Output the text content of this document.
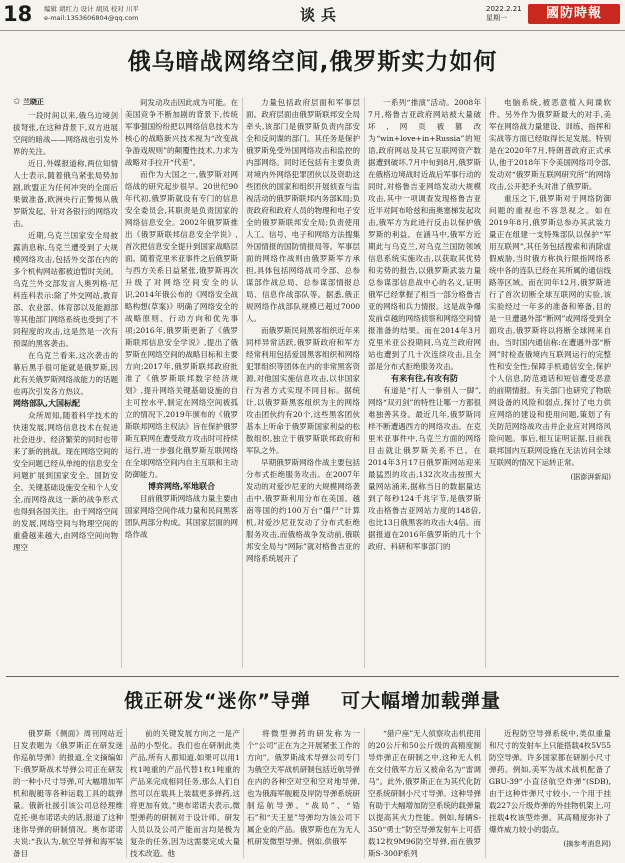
18 编辑 胡红力 设计 胡凤 校对 川平
e-mail:1353606804@qq.com	谈兵	2022.2.21
星期一	國防時報
俄乌暗战网络空间,俄罗斯实力如何
✩ 兰晓正

一段时间以来,俄乌边境剑拔弩张,在这种背景下,双方进展空间的暗战——网络战也引发外界的关注。

近日,外媒报道称,两位知情人士表示,随着俄乌紧张局势加剧,欧盟正为任何冲突的全面后果做准备,欧洲央行正警惕从俄罗斯发起、针对各银行的网络攻击。

近期,乌克兰国家安全局披露消息称,乌克兰遭受到了大规模网络攻击,包括外交部在内的多个机构网站都被迫暂时关闭。乌克兰外交部发言人奥列格·尼科连科表示:除了外交网站,教育部、农业部、体育部以及能源部等其他部门网络系统也受到了不同程度的攻击,这是然是一次有预谋的黑客袭击。

在乌克兰看来,这次袭击的幕后黑手很可能就是俄罗斯,因此有关俄罗斯网络战能力的话题也再次引发各方热议。

网络部队,大国标配

众所周知,随着科学技术的快速发展,网络信息技术在促进社会进步、经济繁荣的同时也带来了新的挑战。现在网络空间的安全问题已经从单纯的信息安全问题扩展到国家安全。国防安全、关键基础设施安全和个人安全,而网络战这一新的战争形式也得到各国关注。由于网络空间的发展,网络空间与物理空间的重叠越来越大,由网络空间向物理空

间发动攻击因此成为可能。在美国竞争不断加剧的背景下,传统军事强国纷纷把以网络信息技术为核心的战略新兴技术视为“改变战争游戏规则”的颠覆性技术,力求为战略对手拉开“代差”。

而作为大国之一,俄罗斯对网络战的研究起步很早。20世纪90年代初,俄罗斯就设有专门的信息安全委员会,其职责是负责国家的网络信息安全。2002年俄罗斯推出《俄罗斯联邦信息安全学说》,首次把信息安全提升到国家战略层面。随着克里米亚事件之后俄罗斯与西方关系日益紧张,俄罗斯再次升级了对网络空间安全的认识,2014年俄公布的《网络安全战略构想(草案)》明确了网络安全的战略原则、行动方向和优先事项;2016年,俄罗斯更新了《俄罗斯联邦信息安全学说》,提出了俄罗斯在网络空间的战略目标和主要方向;2017年,俄罗斯联邦政府批准了《俄罗斯联邦数字经济规划》,提升网络关键基础设施的自主可控水平,制定在网络空间被孤立的情况下,2019年颁布的《俄罗斯联邦网络主权法》旨在保护俄罗斯互联网在遭受敌方攻击时可持续运行,进一步强化俄罗斯互联网络在全球网络空间内自主互联和主动防御能力。

博弈网络,军地联合

目前俄罗斯网络战力量主要由国家网络空间作战力量和民间黑客团队两部分构成。其国家层面的网络作战

力量包括政府层面和军事层面。政府层面由俄罗斯联邦安全局牵头,该部门是俄罗斯负责内部安全和反间谍的部门。其任务是保护俄罗斯免受外国网络攻击和监控的内部网络。同时还包括有主要负责对境内外网络犯罪团伙以及资助这些团伙的国家和组织开展侦查与监视活动的俄罗斯联邦内务部K局;负责政府和政府人员的物理和电子安全的俄罗斯联邦安全局;负责使用人工、信号、电子和网络方法搜集外国情报的国防情报局等。军事层面的网络作战则由俄罗斯军方承担,具体包括网络战司令部、总参谋部作战总局、总参谋部情报总局、信息作战部队等。据悉,俄正规网络作战部队规模已超过7000人。

而俄罗斯民间黑客组织近年来同样异常活跃,俄罗斯政府和军方经常利用包括爱国黑客组织和网络犯罪组织等团体在内的非常黑客资源,对他国实施信息攻击,以非国家行为者方式实现不同目标。据统计,以俄罗斯黑客组织为主的网络攻击团伙约有20个,这些黑客团伙基本上听命于俄罗斯国家利益的松散组织,独立于俄罗斯联邦政府和军队之外。

早期俄罗斯网络作战主要包括分布式拒绝服务攻击。在2007年发动的对爱沙尼亚的大规模网络袭击中,俄罗斯利用分布在美国、越南等国的约100万台“僵尸”计算机,对爱沙尼亚发动了分布式拒绝服务攻击,而俄格战争发动前,俄联邦安全局与“网际”就对格鲁吉亚的网络系统展开了

一系列“推演”活动。2008年7月,格鲁吉亚政府网站被大量破坏,网页被篡改为“win+love+in+Russia”的短语,政府网站及其它互联网资产数据遭到破坏,7月中旬到8月,俄罗斯在俄格边境战时近战后军事行动的同时,对格鲁吉亚网络发动大规模攻击,其中一项调查发现格鲁吉亚近半对阿布哈兹和南奥塞梯发起攻击,俄军方为此进行反击以保护俄罗斯的利益。在涵马中,俄军方近期此与乌克兰,对乌克兰国防领域信息系统实施攻击,以获取其优势和劣势的报告,以俄罗斯武装力量总参谋部信息战中心的名义,证明俄军已经掌握了相当一部分格鲁吉亚的网络和兵力情报。这是战争爆发前卓越的网络侦察和网络空间情报准备的结果。而在2014年3月克里米亚公投期间,乌克兰政府网站也遭到了几十次连续攻击,且全部是分布式拒绝服务攻击。

有来有往,有攻有防

有道是“打人一拳别人一脚”,网络“双刃剑”的特性让哪一方都很难独善其身。最近几年,俄罗斯同样不断遭遇西方的网络攻击。在克里米亚事件中,乌克兰方面的网络目击就让俄罗斯关系不已。在2014年3月17日俄罗斯网站迎来最猛烈的攻击,132次攻击按照大量网站涌来,据称当日的数据量达到了每秒124千兆字节,是俄罗斯攻击格鲁吉亚网站力度的148倍,也比13日俄黑客的攻击大4倍。而据报道在2016年俄罗斯的几十个政府、科研和军事部门的

电脑系统,被恶意植入间谍软件。另外作为俄罗斯最大的对手,美军在网络战力量建设、训练、指挥和实战等方面已经取得长足发展。特别是在2020年7月,特朗普政府正式承认,他于2018年下令美国网络司令部,发动对“俄罗斯互联网研究所”的网络攻击,公开把矛头对准了俄罗斯。

重压之下,俄罗斯对于网络防御问题的重视也不容忽视之。如在2019年8月,俄罗斯总参办其武装力量正在组建一支特殊部队以保护“军用互联网”,其任务包括搜索和消除虚假威胁,当时俄方称执行限指网络系统中各的连队已经在其所属的通信线路等区域。而在同年12月,俄罗斯进行了首次切断全球互联网的实验,该实验经过一年多的准备和筹备,目的是一旦遭遇外部“断网”或网络受到全面攻击,俄罗斯将以将断全球网来自由。当时国内通信称:在遭遇外部“断网”时检查俄境内互联网运行的完整性和安全性;保障手机通信安全,保护个人信息,防范通话和短信遭受恶意的前期情报。有关部门也研究了物联网设备的风险和弱点,探讨了电力供应网络的建设和使用问题,策划了有关防范网络战攻击并企业应对网络风险问题。事后,相互证明证据,目前我联邦国内互联网设施在无法访问全球互联网的情况下运转正常。

(据澎湃新闻)
俄正研发“迷你”导弹 可大幅增加载弹量

俄罗斯《侧面》周刊网站近日发表题为《俄罗斯正在研发迷你巡航导弹》的报道,全文摘编如下:俄罗斯战术导弹公司正在研发的一种小尺寸导弹,可大幅增加军机和舰艇等各种运载工具的载弹量。俄新社援引该公司总经理维克托·奥布诺诺夫的话,报道了这种迷你导弹的研制情况。奥布诺诺夫说:“我认为,航空导弹和海军装备目

前的关键发展方向之一是产品的小型化。我们也在研制此类产品,所有人都知道,如果可以用1枚1吨重的产品代替1枚1吨重的产品来完成相同任务,那么人们自然可以在载具上装载更多弹药,这将更加有效。”奥布诺诺夫表示,微型弹药的研制对于设计师、研发人员以及公司产能而言均是极为复杂的任务,因为这需要完成大量技术改造。他

将微型弹药的研发称为一个“公司”正在为之开展紧张工作的方向”。俄罗斯战术导弹公司专门为俄空天军战机研制包括近航导弹在内的各种空对空和空对地导弹,也为俄海军舰艇及岸防导弹系统研制巡航导弹。“战局”、“锆石”和“天王星”导弹均为该公司下属企业的产品。俄罗斯也在为无人机研发微型导弹。例如,供俄军

“猎户座”无人侦察攻击机使用的20公斤和50公斤级的高精度制导炸弹正在研制之中,这种无人机在交付俄军方后又被命名为“雷调马”。此外,俄罗斯正在为其代化防空系统研制小尺寸导弹。这种导弹有助于大幅增加防空系统的载弹量以提高其火力性能。例如,每辆S-350“勇士”防空导弹发射车上可搭载12枚9M96防空导弹,而在俄罗斯S-300P系列

近程防空导弹系统中,类似重量和尺寸的发射车上只能搭载4枚5V55防空导弹。许多国家都在研制小尺寸弹药。例如,美军为战术战机配备了GBU-39“小直径航空炸弹”(SDB),由于这种炸弹尺寸较小,一个用于挂载227公斤级炸弹的外挂物机架上,可挂载4枚该型炸弹。其高精度弥补了爆炸威力较小的弱点。

(摘参考消息网)
